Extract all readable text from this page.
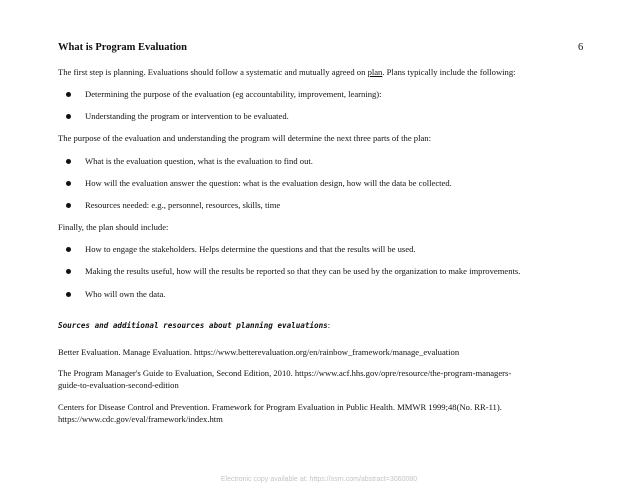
What is Program Evaluation	6
The first step is planning. Evaluations should follow a systematic and mutually agreed on plan. Plans typically include the following:
Determining the purpose of the evaluation (eg accountability, improvement, learning):
Understanding the program or intervention to be evaluated.
The purpose of the evaluation and understanding the program will determine the next three parts of the plan:
What is the evaluation question, what is the evaluation to find out.
How will the evaluation answer the question: what is the evaluation design, how will the data be collected.
Resources needed: e.g., personnel, resources, skills, time
Finally, the plan should include:
How to engage the stakeholders. Helps determine the questions and that the results will be used.
Making the results useful, how will the results be reported so that they can be used by the organization to make improvements.
Who will own the data.
Sources and additional resources about planning evaluations:
Better Evaluation. Manage Evaluation. https://www.betterevaluation.org/en/rainbow_framework/manage_evaluation
The Program Manager's Guide to Evaluation, Second Edition, 2010. https://www.acf.hhs.gov/opre/resource/the-program-managers-
guide-to-evaluation-second-edition
Centers for Disease Control and Prevention. Framework for Program Evaluation in Public Health. MMWR 1999;48(No. RR-11).
https://www.cdc.gov/eval/framework/index.htm
Electronic copy available at: https://ssrn.com/abstract=3060080
